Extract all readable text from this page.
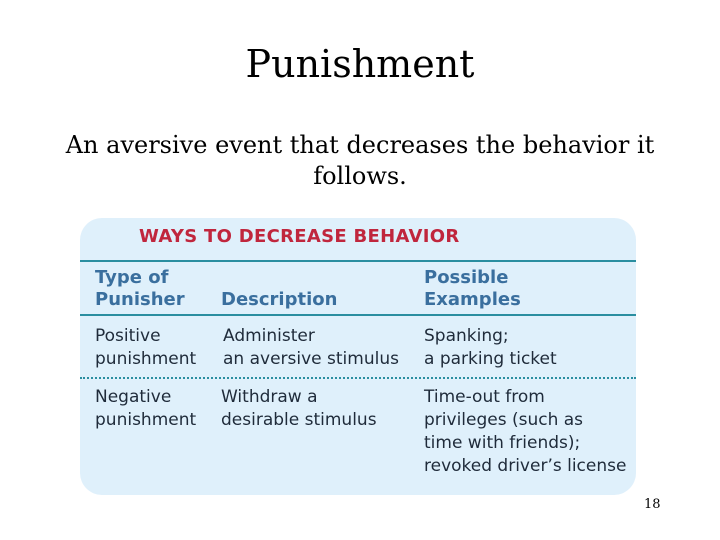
Punishment
An aversive event that decreases the behavior it follows.
WAYS TO DECREASE BEHAVIOR
Type of
Punisher Description
Possible
Examples
Positive
punishment
Administer
an aversive stimulus
Spanking;
a parking ticket
Negative
punishment
Withdraw a
desirable stimulus
Time-out from
privileges (such as
time with friends);
revoked driver’s license
18
